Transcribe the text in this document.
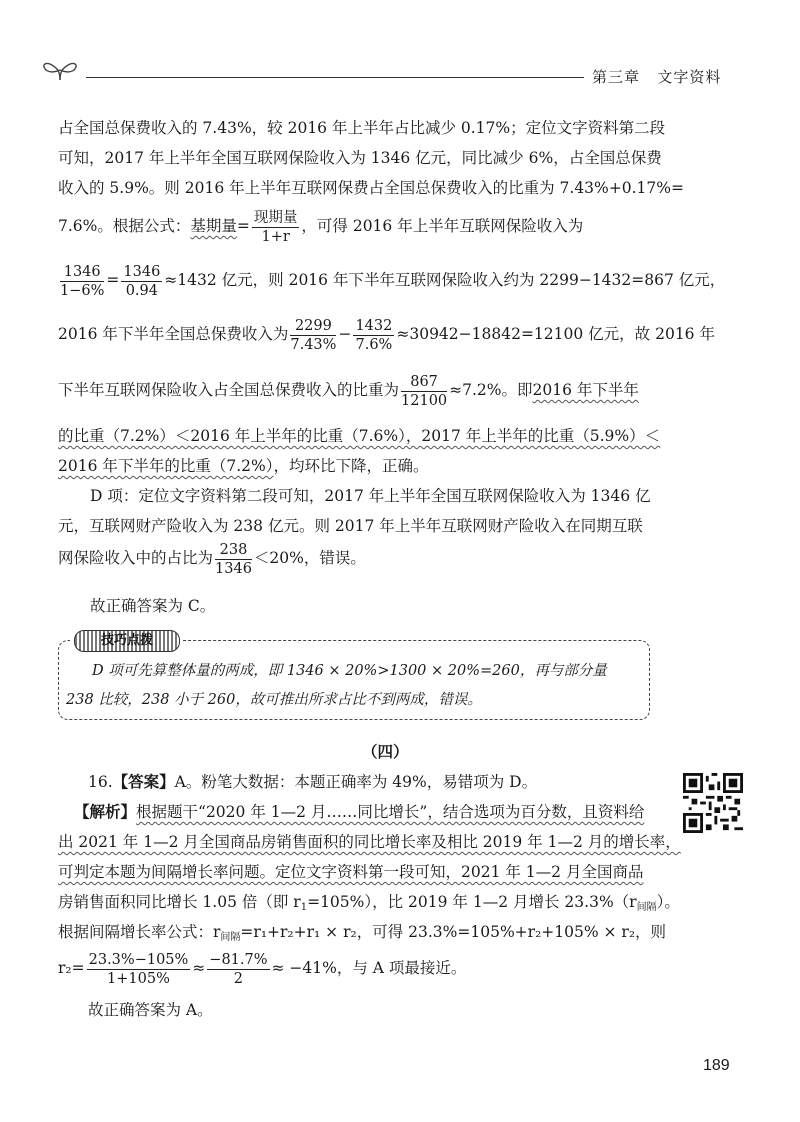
第三章 文字资料
占全国总保费收入的 7.43%，较 2016 年上半年占比减少 0.17%；定位文字资料第二段
可知，2017 年上半年全国互联网保险收入为 1346 亿元，同比减少 6%，占全国总保费
收入的 5.9%。则 2016 年上半年互联网保费占全国总保费收入的比重为 7.43%+0.17%=
7.6%。根据公式：基期量= $\frac{\text{现期量}}{1+r}$ ，可得 2016 年上半年互联网保险收入为
$\frac{1346}{1-6\%} = \frac{1346}{0.94} \approx 1432$ 亿元，则 2016 年下半年互联网保险收入约为 2299−1432=867 亿元，
2016 年下半年全国总保费收入为 $\frac{2299}{7.43\%} - \frac{1432}{7.6\%} \approx 30942-18842=12100$ 亿元，故 2016 年
下半年互联网保险收入占全国总保费收入的比重为 $\frac{867}{12100} \approx 7.2\%$。即2016 年下半年
的比重（7.2%）＜2016 年上半年的比重（7.6%），2017 年上半年的比重（5.9%）＜
2016 年下半年的比重（7.2%），均环比下降，正确。
D 项：定位文字资料第二段可知，2017 年上半年全国互联网保险收入为 1346 亿
元，互联网财产险收入为 238 亿元。则 2017 年上半年互联网财产险收入在同期互联
网保险收入中的占比为 $\frac{238}{1346} <20\%$，错误。
故正确答案为 C。
技巧点拨
D 项可先算整体量的两成，即 1346 × 20%>1300 × 20%=260，再与部分量
238 比较，238 小于 260，故可推出所求占比不到两成，错误。
（四）
16.【答案】A。粉笔大数据：本题正确率为 49%，易错项为 D。
【解析】根据题干“2020 年 1—2 月……同比增长”，结合选项为百分数，且资料给
出 2021 年 1—2 月全国商品房销售面积的同比增长率及相比 2019 年 1—2 月的增长率，
可判定本题为间隔增长率问题。定位文字资料第一段可知，2021 年 1—2 月全国商品
房销售面积同比增长 1.05 倍（即 $r_1=105\%$），比 2019 年 1—2 月增长 $23.3\%(r_{间隔})$。
根据间隔增长率公式：$r_{间隔}=r_1+r_2+r_1 \times r_2$，可得 23.3%=105%+r₂+105% × r₂，则
$r_2= \frac{23.3\%-105\%}{1+105\%} \approx \frac{-81.7\%}{2} \approx -41\%$，与 A 项最接近。
故正确答案为 A。
189
